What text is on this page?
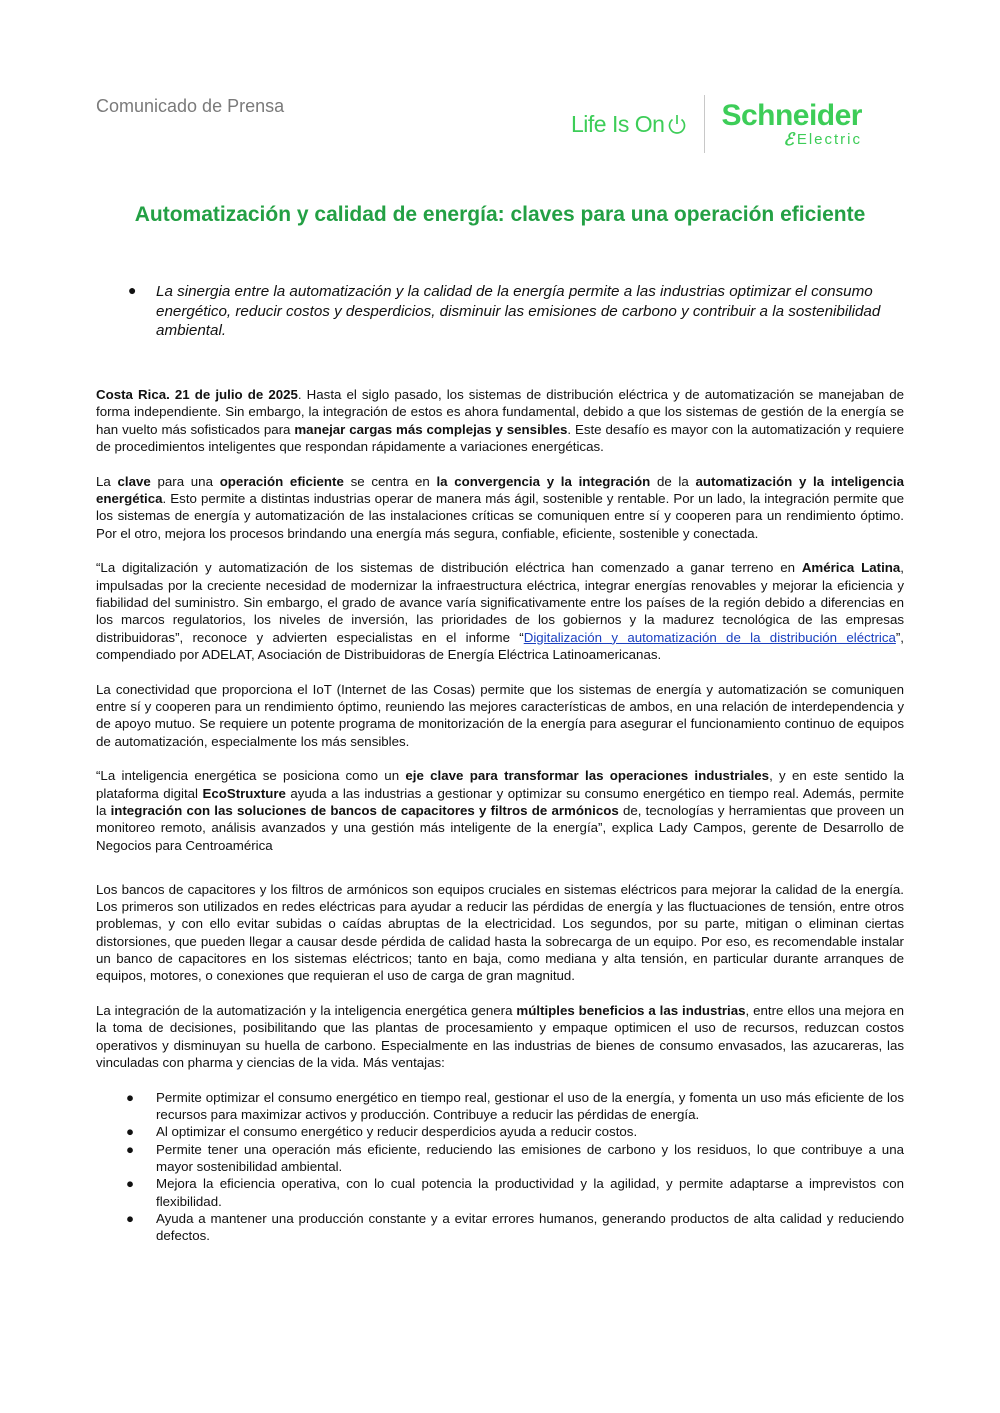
Comunicado de Prensa
Life Is On Schneider
ℰ Electric
Automatización y calidad de energía: claves para una operación eficiente
●	La sinergia entre la automatización y la calidad de la energía permite a las industrias optimizar el consumo energético, reducir costos y desperdicios, disminuir las emisiones de carbono y contribuir a la sostenibilidad ambiental.

Costa Rica. 21 de julio de 2025. Hasta el siglo pasado, los sistemas de distribución eléctrica y de automatización se manejaban de forma independiente. Sin embargo, la integración de estos es ahora fundamental, debido a que los sistemas de gestión de la energía se han vuelto más sofisticados para manejar cargas más complejas y sensibles. Este desafío es mayor con la automatización y requiere de procedimientos inteligentes que respondan rápidamente a variaciones energéticas.

La clave para una operación eficiente se centra en la convergencia y la integración de la automatización y la inteligencia energética. Esto permite a distintas industrias operar de manera más ágil, sostenible y rentable. Por un lado, la integración permite que los sistemas de energía y automatización de las instalaciones críticas se comuniquen entre sí y cooperen para un rendimiento óptimo. Por el otro, mejora los procesos brindando una energía más segura, confiable, eficiente, sostenible y conectada.

“La digitalización y automatización de los sistemas de distribución eléctrica han comenzado a ganar terreno en América Latina, impulsadas por la creciente necesidad de modernizar la infraestructura eléctrica, integrar energías renovables y mejorar la eficiencia y fiabilidad del suministro. Sin embargo, el grado de avance varía significativamente entre los países de la región debido a diferencias en los marcos regulatorios, los niveles de inversión, las prioridades de los gobiernos y la madurez tecnológica de las empresas distribuidoras”, reconoce y advierten especialistas en el informe “Digitalización y automatización de la distribución eléctrica”, compendiado por ADELAT, Asociación de Distribuidoras de Energía Eléctrica Latinoamericanas.

La conectividad que proporciona el IoT (Internet de las Cosas) permite que los sistemas de energía y automatización se comuniquen entre sí y cooperen para un rendimiento óptimo, reuniendo las mejores características de ambos, en una relación de interdependencia y de apoyo mutuo. Se requiere un potente programa de monitorización de la energía para asegurar el funcionamiento continuo de equipos de automatización, especialmente los más sensibles.

“La inteligencia energética se posiciona como un eje clave para transformar las operaciones industriales, y en este sentido la plataforma digital EcoStruxture ayuda a las industrias a gestionar y optimizar su consumo energético en tiempo real. Además, permite la integración con las soluciones de bancos de capacitores y filtros de armónicos de, tecnologías y herramientas que proveen un monitoreo remoto, análisis avanzados y una gestión más inteligente de la energía”, explica Lady Campos, gerente de Desarrollo de Negocios para Centroamérica

Los bancos de capacitores y los filtros de armónicos son equipos cruciales en sistemas eléctricos para mejorar la calidad de la energía. Los primeros son utilizados en redes eléctricas para ayudar a reducir las pérdidas de energía y las fluctuaciones de tensión, entre otros problemas, y con ello evitar subidas o caídas abruptas de la electricidad. Los segundos, por su parte, mitigan o eliminan ciertas distorsiones, que pueden llegar a causar desde pérdida de calidad hasta la sobrecarga de un equipo. Por eso, es recomendable instalar un banco de capacitores en los sistemas eléctricos; tanto en baja, como mediana y alta tensión, en particular durante arranques de equipos, motores, o conexiones que requieran el uso de carga de gran magnitud.

La integración de la automatización y la inteligencia energética genera múltiples beneficios a las industrias, entre ellos una mejora en la toma de decisiones, posibilitando que las plantas de procesamiento y empaque optimicen el uso de recursos, reduzcan costos operativos y disminuyan su huella de carbono. Especialmente en las industrias de bienes de consumo envasados, las azucareras, las vinculadas con pharma y ciencias de la vida. Más ventajas:

●	Permite optimizar el consumo energético en tiempo real, gestionar el uso de la energía, y fomenta un uso más eficiente de los recursos para maximizar activos y producción. Contribuye a reducir las pérdidas de energía.
●	Al optimizar el consumo energético y reducir desperdicios ayuda a reducir costos.
●	Permite tener una operación más eficiente, reduciendo las emisiones de carbono y los residuos, lo que contribuye a una mayor sostenibilidad ambiental.
●	Mejora la eficiencia operativa, con lo cual potencia la productividad y la agilidad, y permite adaptarse a imprevistos con flexibilidad.
●	Ayuda a mantener una producción constante y a evitar errores humanos, generando productos de alta calidad y reduciendo defectos.
